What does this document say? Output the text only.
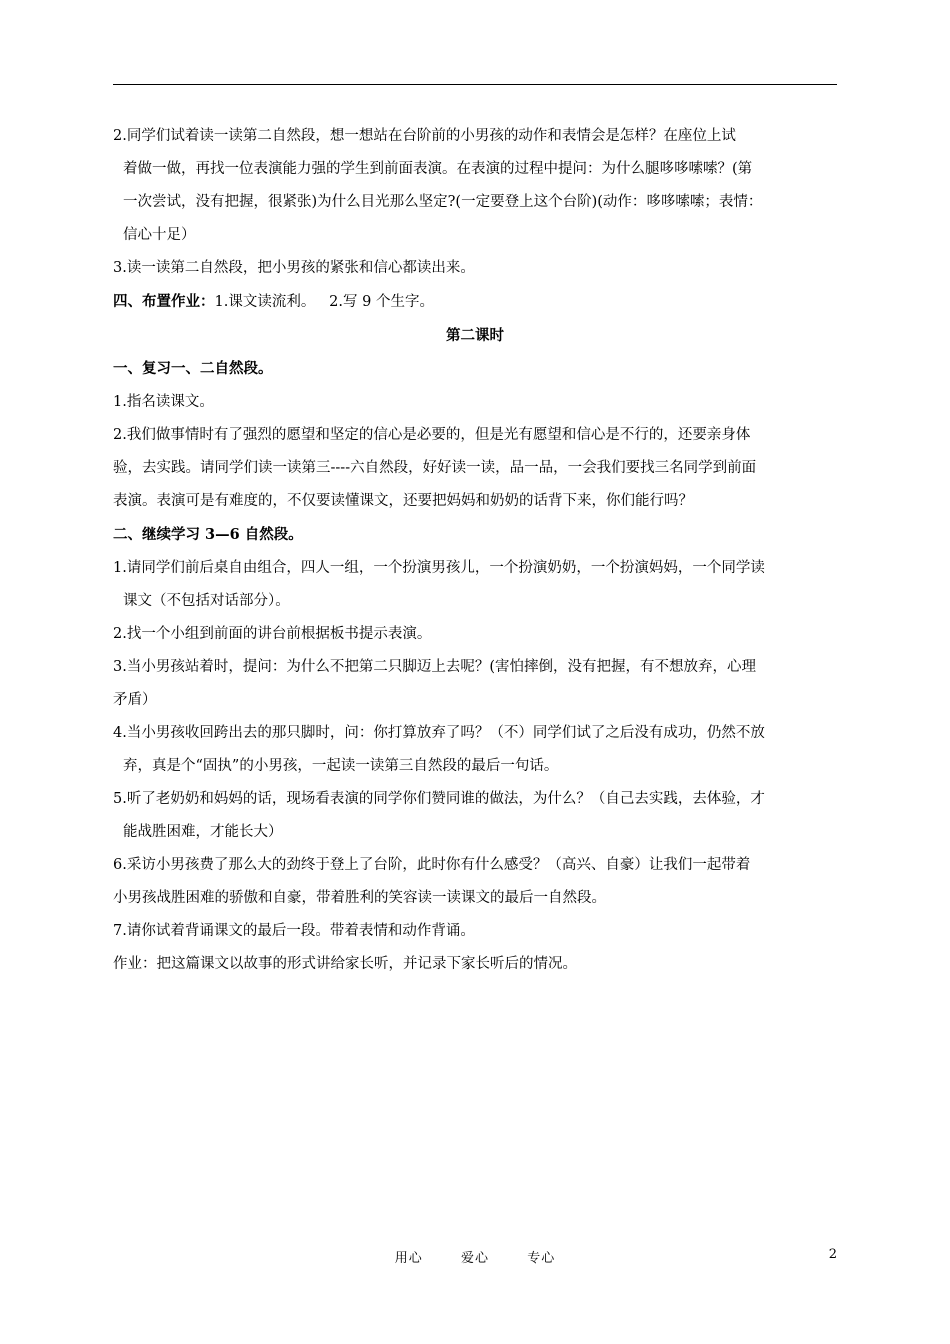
2.同学们试着读一读第二自然段，想一想站在台阶前的小男孩的动作和表情会是怎样？在座位上试

着做一做，再找一位表演能力强的学生到前面表演。在表演的过程中提问：为什么腿哆哆嗦嗦？(第

一次尝试，没有把握，很紧张)为什么目光那么坚定?(一定要登上这个台阶)(动作：哆哆嗦嗦；表情：

信心十足）

3.读一读第二自然段，把小男孩的紧张和信心都读出来。

四、布置作业：1.课文读流利。   2.写 9 个生字。

第二课时

一、复习一、二自然段。

1.指名读课文。

2.我们做事情时有了强烈的愿望和坚定的信心是必要的，但是光有愿望和信心是不行的，还要亲身体

验，去实践。请同学们读一读第三----六自然段，好好读一读，品一品，一会我们要找三名同学到前面

表演。表演可是有难度的，不仅要读懂课文，还要把妈妈和奶奶的话背下来，你们能行吗？

二、继续学习 3—6 自然段。

1.请同学们前后桌自由组合，四人一组，一个扮演男孩儿，一个扮演奶奶，一个扮演妈妈，一个同学读

课文（不包括对话部分）。

2.找一个小组到前面的讲台前根据板书提示表演。

3.当小男孩站着时，提问：为什么不把第二只脚迈上去呢？(害怕摔倒，没有把握，有不想放弃，心理

矛盾）

4.当小男孩收回跨出去的那只脚时，问：你打算放弃了吗？（不）同学们试了之后没有成功，仍然不放

弃，真是个“固执”的小男孩，一起读一读第三自然段的最后一句话。

5.听了老奶奶和妈妈的话，现场看表演的同学你们赞同谁的做法，为什么？（自己去实践，去体验，才

能战胜困难，才能长大）

6.采访小男孩费了那么大的劲终于登上了台阶，此时你有什么感受？（高兴、自豪）让我们一起带着

小男孩战胜困难的骄傲和自豪，带着胜利的笑容读一读课文的最后一自然段。

7.请你试着背诵课文的最后一段。带着表情和动作背诵。

作业：把这篇课文以故事的形式讲给家长听，并记录下家长听后的情况。

用心  爱心  专心	2
